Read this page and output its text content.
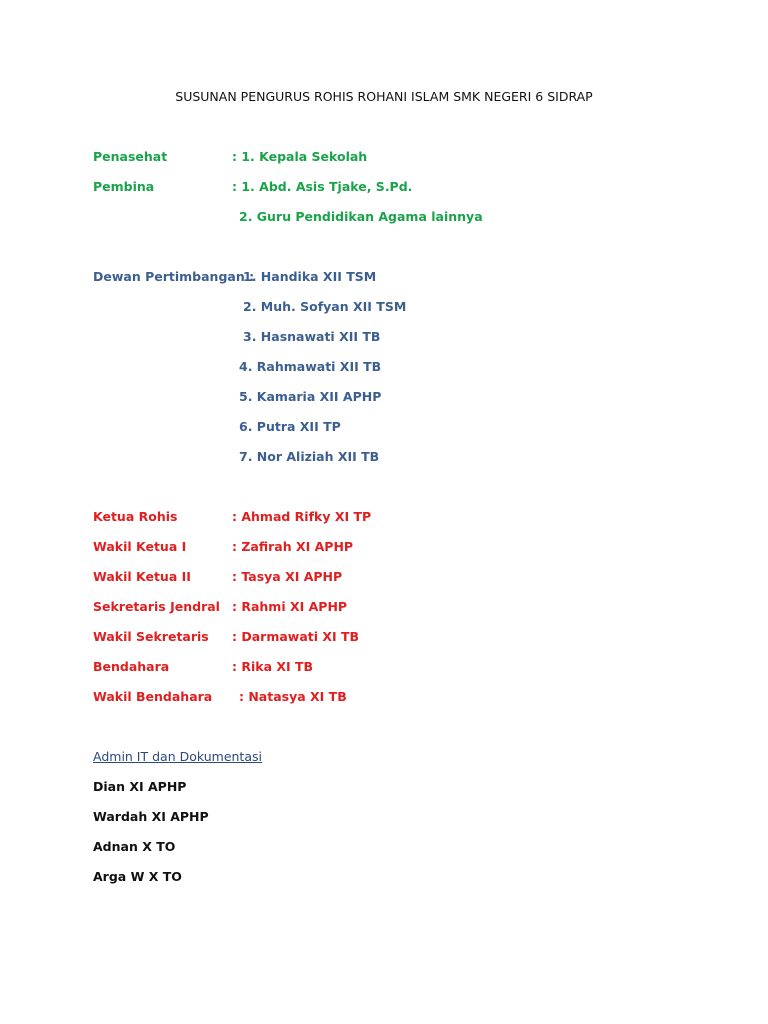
SUSUNAN PENGURUS ROHIS ROHANI ISLAM SMK NEGERI 6 SIDRAP
Penasehat	: 1. Kepala Sekolah
Pembina	: 1. Abd. Asis Tjake, S.Pd.
2. Guru Pendidikan Agama lainnya
Dewan Pertimbangan :
1. Handika XII TSM
2. Muh. Sofyan XII TSM
3. Hasnawati XII TB
4. Rahmawati XII TB
5. Kamaria XII APHP
6. Putra XII TP
7. Nor Aliziah XII TB
Ketua Rohis	: Ahmad Rifky XI TP
Wakil Ketua I	: Zafirah XI APHP
Wakil Ketua II	: Tasya XI APHP
Sekretaris Jendral : Rahmi XI APHP
Wakil Sekretaris : Darmawati XI TB
Bendahara	: Rika XI TB
Wakil Bendahara : Natasya XI TB
Admin IT dan Dokumentasi
Dian XI APHP
Wardah XI APHP
Adnan X TO
Arga W X TO
